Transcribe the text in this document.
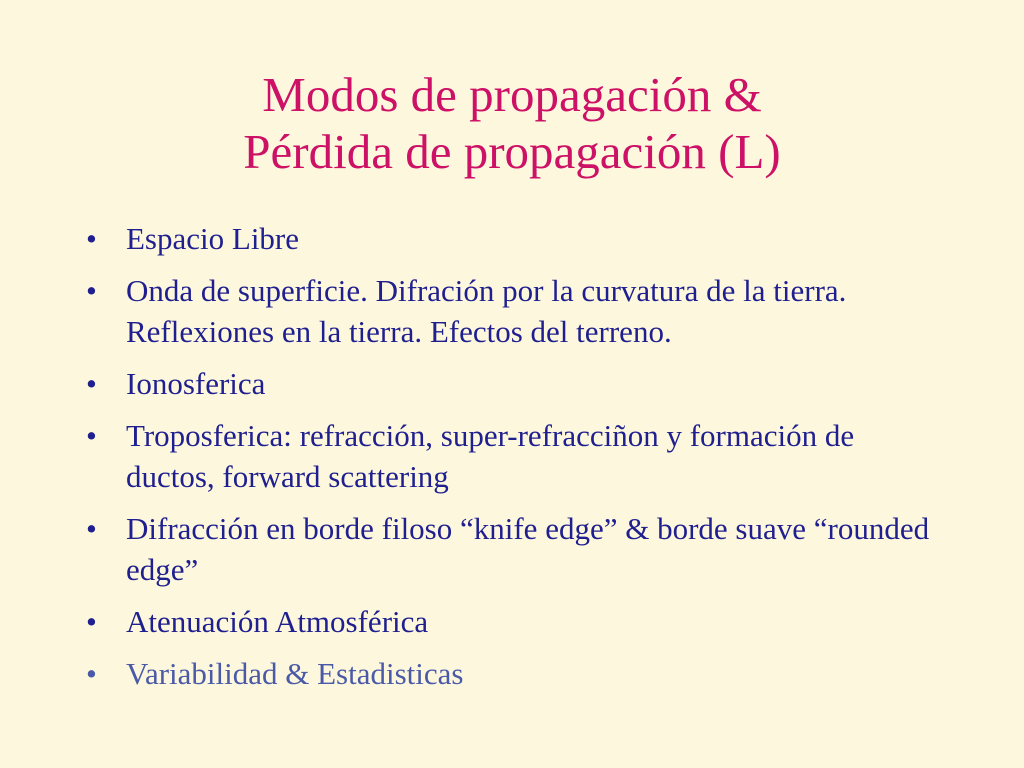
Modos de propagación &
Pérdida de propagación (L)
• Espacio Libre
• Onda de superficie. Difración por la curvatura de la tierra. Reflexiones en la tierra. Efectos del terreno.
• Ionosferica
• Troposferica: refracción, super-refracciñon y formación de ductos, forward scattering
• Difracción en borde filoso “knife edge” & borde suave “rounded edge”
• Atenuación Atmosférica
• Variabilidad & Estadisticas
